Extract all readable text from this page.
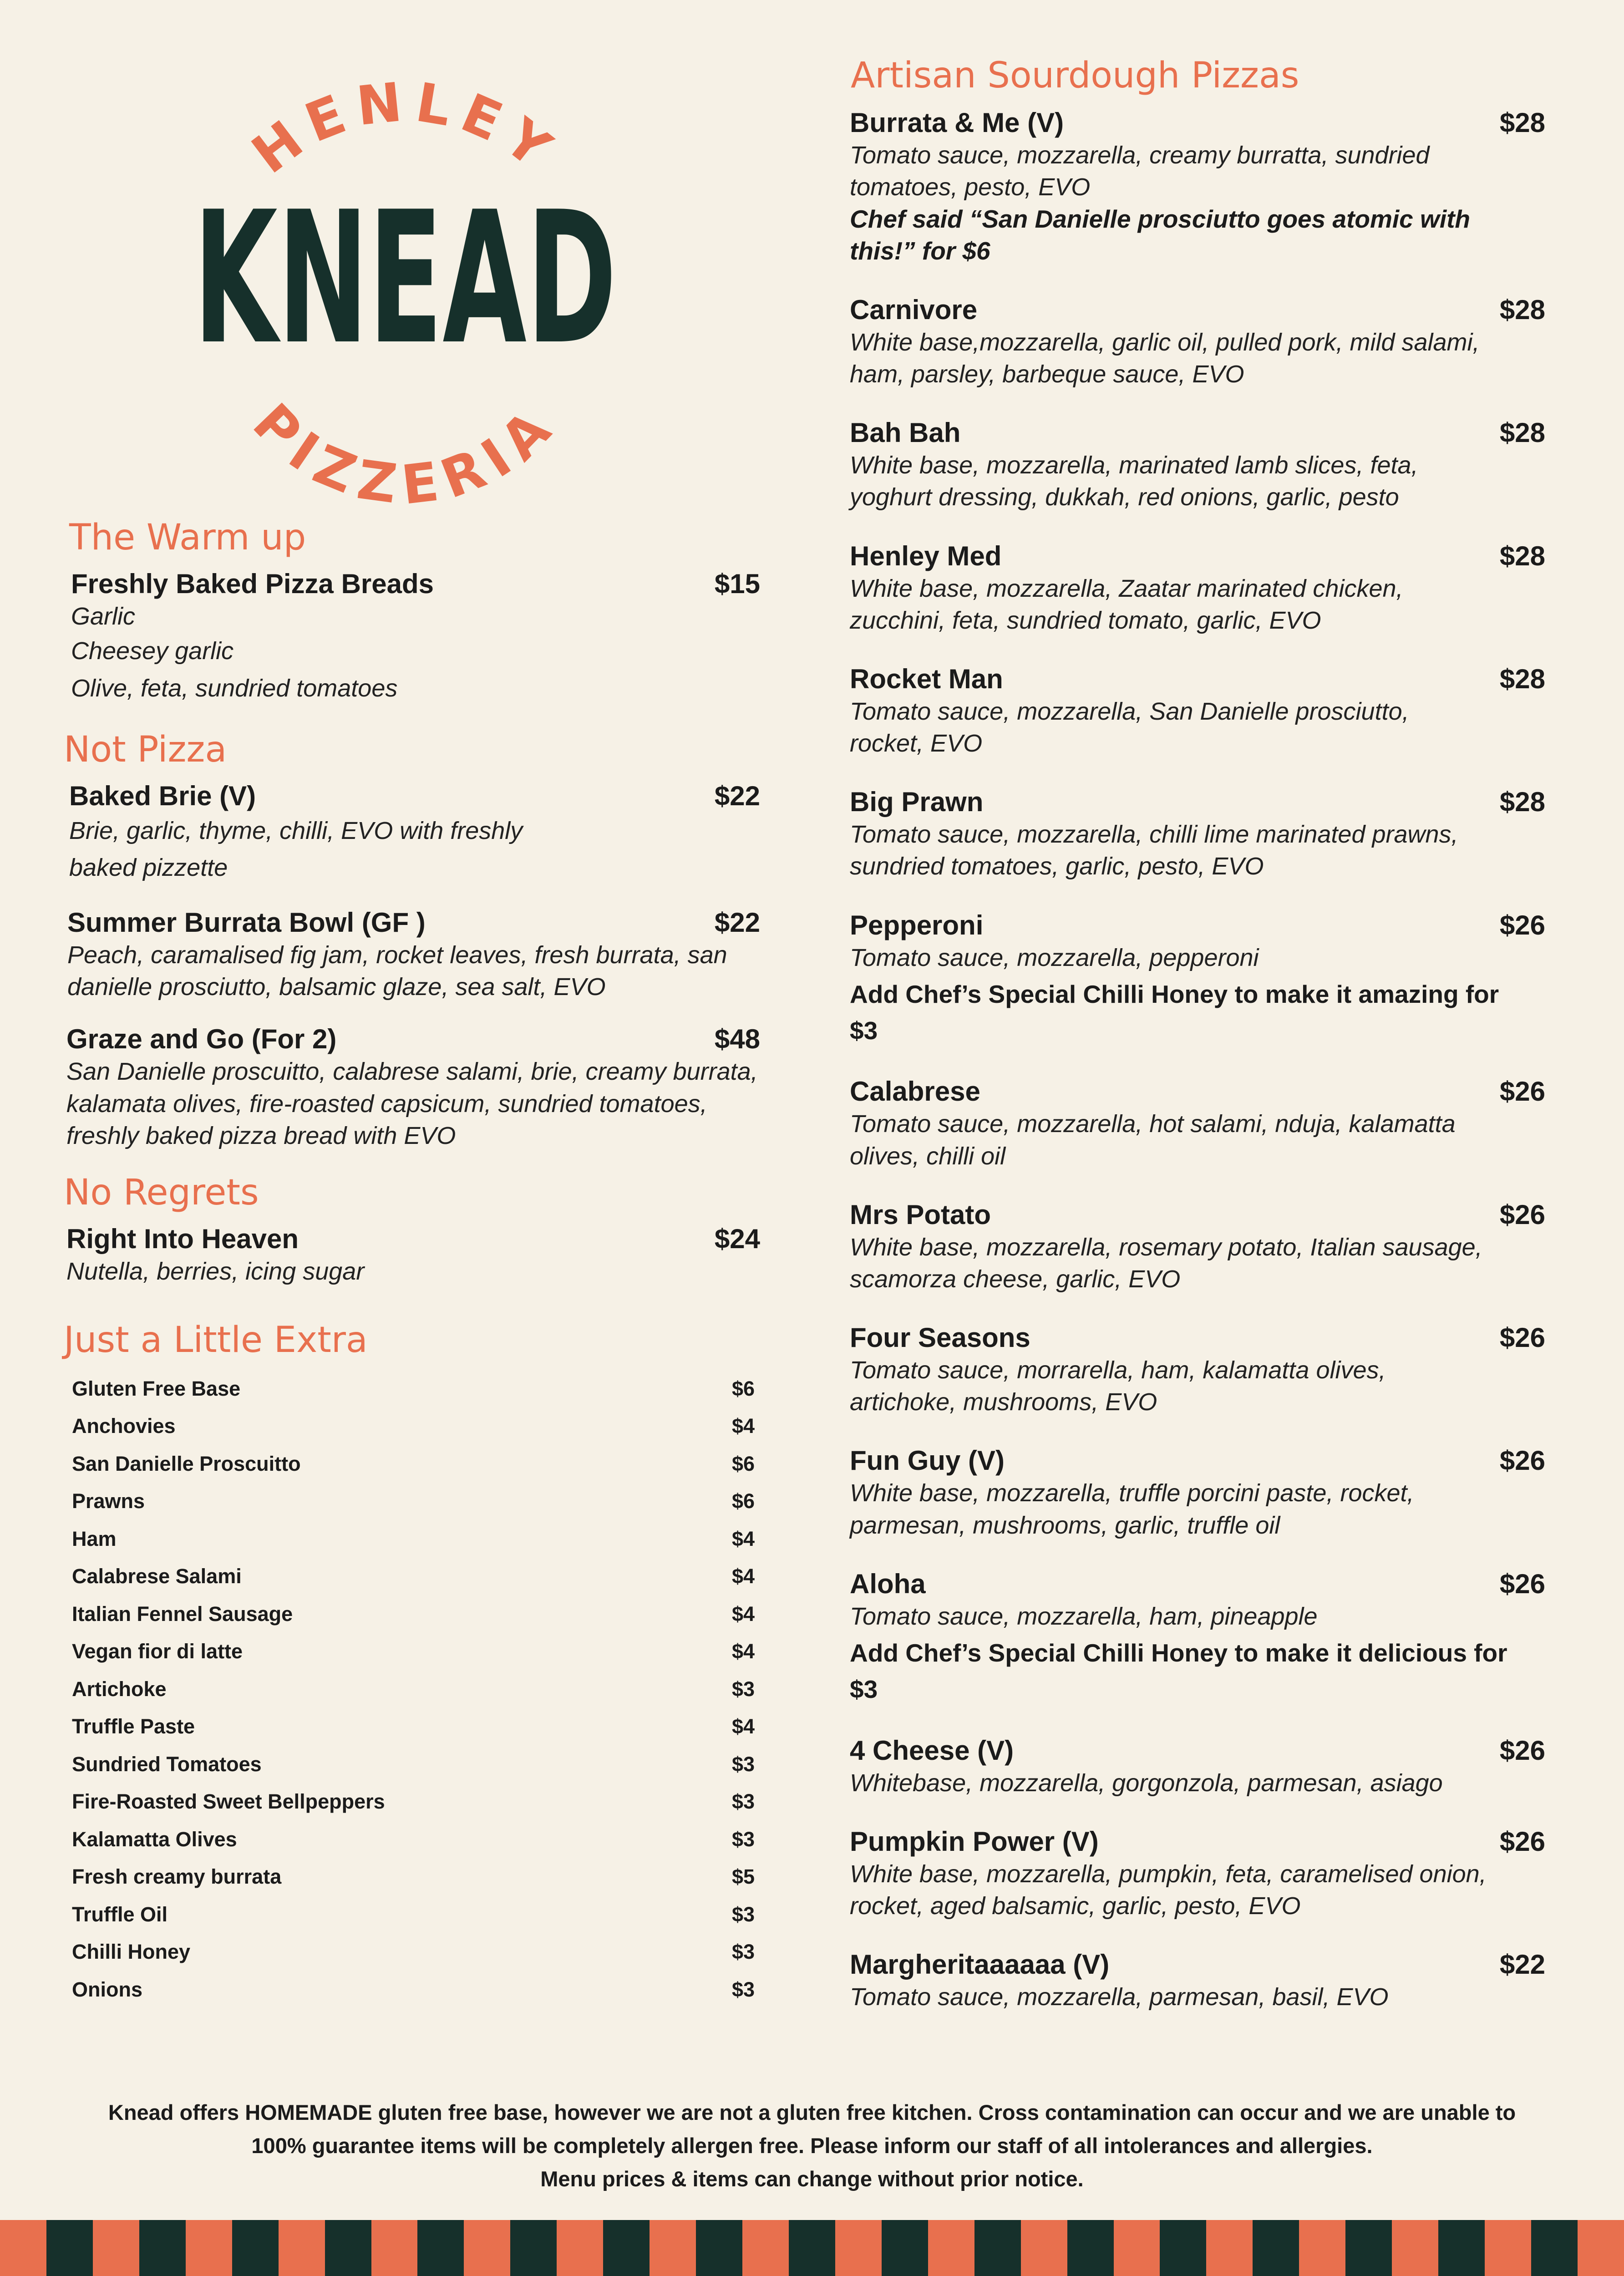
HENLEY
KNEAD
PIZZERIA
The Warm up
Freshly Baked Pizza Breads	$15
Garlic
Cheesey garlic
Olive, feta, sundried tomatoes
Not Pizza
Baked Brie (V)	$22
Brie, garlic, thyme, chilli, EVO with freshly baked pizzette
Summer Burrata Bowl (GF )	$22
Peach, caramalised fig jam, rocket leaves, fresh burrata, san danielle prosciutto, balsamic glaze, sea salt, EVO
Graze and Go (For 2)	$48
San Danielle proscuitto, calabrese salami, brie, creamy burrata, kalamata olives, fire-roasted capsicum, sundried tomatoes, freshly baked pizza bread with EVO
No Regrets
Right Into Heaven	$24
Nutella, berries, icing sugar
Just a Little Extra
Gluten Free Base	$6
Anchovies	$4
San Danielle Proscuitto	$6
Prawns	$6
Ham	$4
Calabrese Salami	$4
Italian Fennel Sausage	$4
Vegan fior di latte	$4
Artichoke	$3
Truffle Paste	$4
Sundried Tomatoes	$3
Fire-Roasted Sweet Bellpeppers	$3
Kalamatta Olives	$3
Fresh creamy burrata	$5
Truffle Oil	$3
Chilli Honey	$3
Onions	$3
Artisan Sourdough Pizzas
Burrata & Me (V)	$28
Tomato sauce, mozzarella, creamy burratta, sundried tomatoes, pesto, EVO
Chef said “San Danielle prosciutto goes atomic with this!” for $6
Carnivore	$28
White base,mozzarella, garlic oil, pulled pork, mild salami, ham, parsley, barbeque sauce, EVO
Bah Bah	$28
White base, mozzarella, marinated lamb slices, feta, yoghurt dressing, dukkah, red onions, garlic, pesto
Henley Med	$28
White base, mozzarella, Zaatar marinated chicken, zucchini, feta, sundried tomato, garlic, EVO
Rocket Man	$28
Tomato sauce, mozzarella, San Danielle prosciutto, rocket, EVO
Big Prawn	$28
Tomato sauce, mozzarella, chilli lime marinated prawns, sundried tomatoes, garlic, pesto, EVO
Pepperoni	$26
Tomato sauce, mozzarella, pepperoni
Add Chef’s Special Chilli Honey to make it amazing for $3
Calabrese	$26
Tomato sauce, mozzarella, hot salami, nduja, kalamatta olives, chilli oil
Mrs Potato	$26
White base, mozzarella, rosemary potato, Italian sausage, scamorza cheese, garlic, EVO
Four Seasons	$26
Tomato sauce, morrarella, ham, kalamatta olives, artichoke, mushrooms, EVO
Fun Guy (V)	$26
White base, mozzarella, truffle porcini paste, rocket, parmesan, mushrooms, garlic, truffle oil
Aloha	$26
Tomato sauce, mozzarella, ham, pineapple
Add Chef’s Special Chilli Honey to make it delicious for $3
4 Cheese (V)	$26
Whitebase, mozzarella, gorgonzola, parmesan, asiago
Pumpkin Power (V)	$26
White base, mozzarella, pumpkin, feta, caramelised onion, rocket, aged balsamic, garlic, pesto, EVO
Margheritaaaaaa (V)	$22
Tomato sauce, mozzarella, parmesan, basil, EVO
Knead offers HOMEMADE gluten free base, however we are not a gluten free kitchen. Cross contamination can occur and we are unable to
100% guarantee items will be completely allergen free. Please inform our staff of all intolerances and allergies.
Menu prices & items can change without prior notice.
